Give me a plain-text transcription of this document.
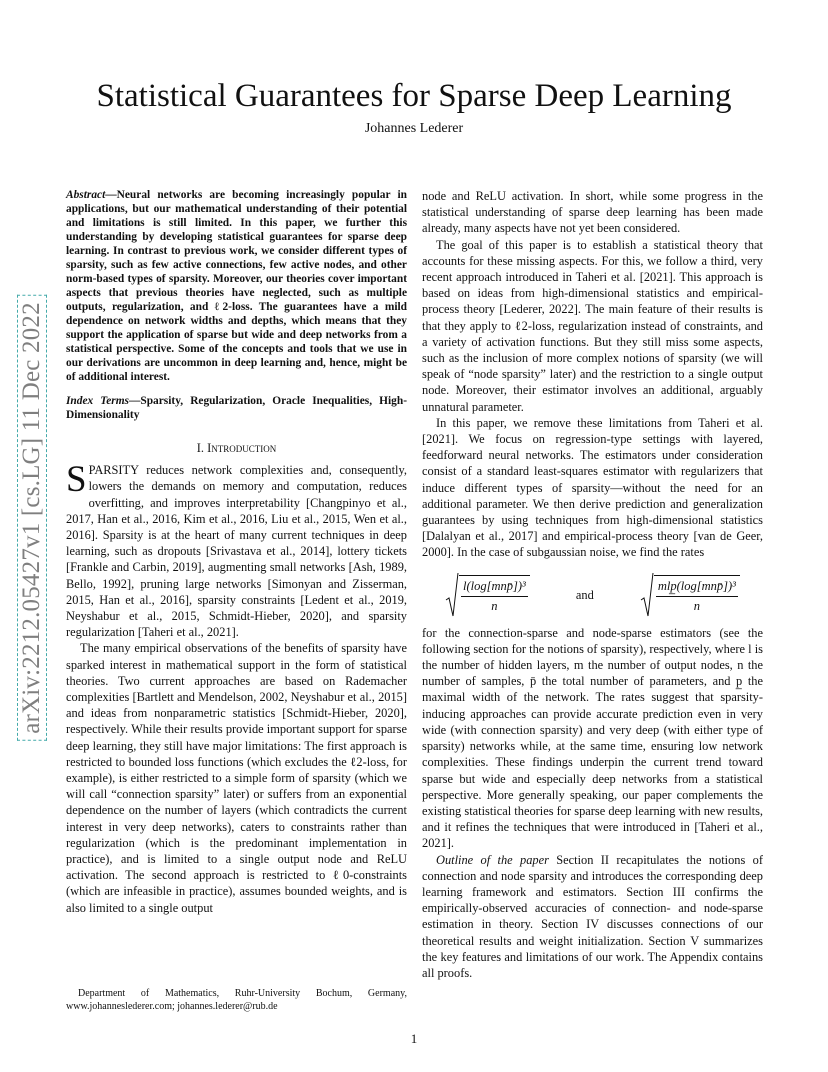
Statistical Guarantees for Sparse Deep Learning
Johannes Lederer
arXiv:2212.05427v1 [cs.LG] 11 Dec 2022

Abstract—Neural networks are becoming increasingly popular in applications, but our mathematical understanding of their potential and limitations is still limited. In this paper, we further this understanding by developing statistical guarantees for sparse deep learning. In contrast to previous work, we consider different types of sparsity, such as few active connections, few active nodes, and other norm-based types of sparsity. Moreover, our theories cover important aspects that previous theories have neglected, such as multiple outputs, regularization, and ℓ2-loss. The guarantees have a mild dependence on network widths and depths, which means that they support the application of sparse but wide and deep networks from a statistical perspective. Some of the concepts and tools that we use in our derivations are uncommon in deep learning and, hence, might be of additional interest.

Index Terms—Sparsity, Regularization, Oracle Inequalities, High-Dimensionality

I. Introduction

SPARSITY reduces network complexities and, consequently, lowers the demands on memory and computation, reduces overfitting, and improves interpretability [Changpinyo et al., 2017, Han et al., 2016, Kim et al., 2016, Liu et al., 2015, Wen et al., 2016]. Sparsity is at the heart of many current techniques in deep learning, such as dropouts [Srivastava et al., 2014], lottery tickets [Frankle and Carbin, 2019], augmenting small networks [Ash, 1989, Bello, 1992], pruning large networks [Simonyan and Zisserman, 2015, Han et al., 2016], sparsity constraints [Ledent et al., 2019, Neyshabur et al., 2015, Schmidt-Hieber, 2020], and sparsity regularization [Taheri et al., 2021].

The many empirical observations of the benefits of sparsity have sparked interest in mathematical support in the form of statistical theories. Two current approaches are based on Rademacher complexities [Bartlett and Mendelson, 2002, Neyshabur et al., 2015] and ideas from nonparametric statistics [Schmidt-Hieber, 2020], respectively. While their results provide important support for sparse deep learning, they still have major limitations: The first approach is restricted to bounded loss functions (which excludes the ℓ2-loss, for example), is either restricted to a simple form of sparsity (which we will call “connection sparsity” later) or suffers from an exponential dependence on the number of layers (which contradicts the current interest in very deep networks), caters to constraints rather than regularization (which is the predominant implementation in practice), and is limited to a single output node and ReLU activation. The second approach is restricted to ℓ0-constraints (which are infeasible in practice), assumes bounded weights, and is also limited to a single output

node and ReLU activation. In short, while some progress in the statistical understanding of sparse deep learning has been made already, many aspects have not yet been considered.

The goal of this paper is to establish a statistical theory that accounts for these missing aspects. For this, we follow a third, very recent approach introduced in Taheri et al. [2021]. This approach is based on ideas from high-dimensional statistics and empirical-process theory [Lederer, 2022]. The main feature of their results is that they apply to ℓ2-loss, regularization instead of constraints, and a variety of activation functions. But they still miss some aspects, such as the inclusion of more complex notions of sparsity (we will speak of “node sparsity” later) and the restriction to a single output node. Moreover, their estimator involves an additional, arguably unnatural parameter.

In this paper, we remove these limitations from Taheri et al. [2021]. We focus on regression-type settings with layered, feedforward neural networks. The estimators under consideration consist of a standard least-squares estimator with regularizers that induce different types of sparsity—without the need for an additional parameter. We then derive prediction and generalization guarantees by using techniques from high-dimensional statistics [Dalalyan et al., 2017] and empirical-process theory [van de Geer, 2000]. In the case of subgaussian noise, we find the rates

$\frac{\text{l(log[mnp̄])³}}{n}$	and	$\frac{\text{mlp̲(log[mnp̄])³}}{n}$

for the connection-sparse and node-sparse estimators (see the following section for the notions of sparsity), respectively, where l is the number of hidden layers, m the number of output nodes, n the number of samples, p̄ the total number of parameters, and p̲ the maximal width of the network. The rates suggest that sparsity-inducing approaches can provide accurate prediction even in very wide (with connection sparsity) and very deep (with either type of sparsity) networks while, at the same time, ensuring low network complexities. These findings underpin the current trend toward sparse but wide and especially deep networks from a statistical perspective. More generally speaking, our paper complements the existing statistical theories for sparse deep learning with new results, and it refines the techniques that were introduced in [Taheri et al., 2021].

Outline of the paper Section II recapitulates the notions of connection and node sparsity and introduces the corresponding deep learning framework and estimators. Section III confirms the empirically-observed accuracies of connection- and node-sparse estimation in theory. Section IV discusses connections of our theoretical results and weight initialization. Section V summarizes the key features and limitations of our work. The Appendix contains all proofs.

Department of Mathematics, Ruhr-University Bochum, Germany, www.johanneslederer.com; johannes.lederer@rub.de
1
